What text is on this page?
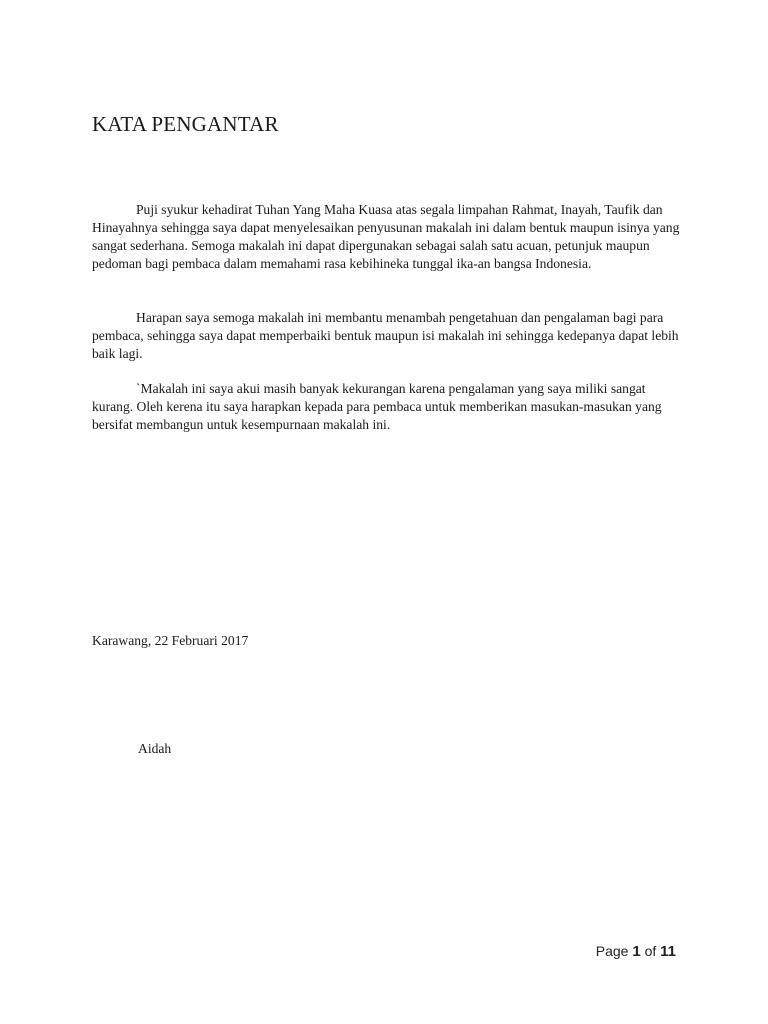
KATA PENGANTAR

Puji syukur kehadirat Tuhan Yang Maha Kuasa atas segala limpahan Rahmat, Inayah, Taufik dan Hinayahnya sehingga saya dapat menyelesaikan penyusunan makalah ini dalam bentuk maupun isinya yang sangat sederhana. Semoga makalah ini dapat dipergunakan sebagai salah satu acuan, petunjuk maupun pedoman bagi pembaca dalam memahami rasa kebihineka tunggal ika-an bangsa Indonesia.

Harapan saya semoga makalah ini membantu menambah pengetahuan dan pengalaman bagi para pembaca, sehingga saya dapat memperbaiki bentuk maupun isi makalah ini sehingga kedepanya dapat lebih baik lagi.

`Makalah ini saya akui masih banyak kekurangan karena pengalaman yang saya miliki sangat kurang. Oleh kerena itu saya harapkan kepada para pembaca untuk memberikan masukan-masukan yang bersifat membangun untuk kesempurnaan makalah ini.

Karawang, 22 Februari 2017

Aidah

Page 1 of 11
